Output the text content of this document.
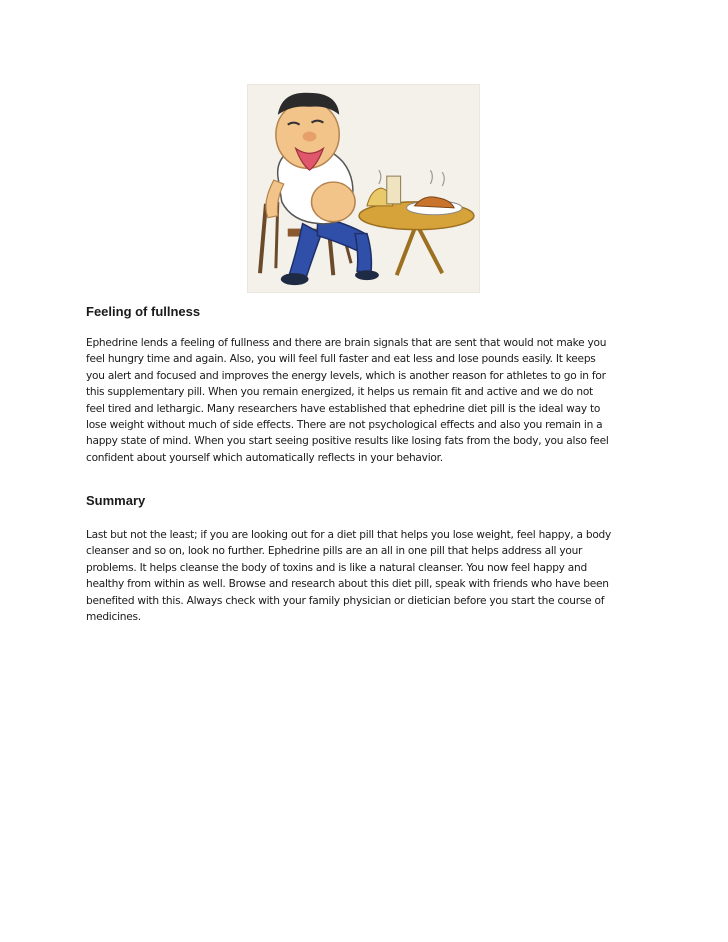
Feeling of fullness
Ephedrine lends a feeling of fullness and there are brain signals that are sent that would not make you
feel hungry time and again. Also, you will feel full faster and eat less and lose pounds easily. It keeps
you alert and focused and improves the energy levels, which is another reason for athletes to go in for
this supplementary pill. When you remain energized, it helps us remain fit and active and we do not
feel tired and lethargic. Many researchers have established that ephedrine diet pill is the ideal way to
lose weight without much of side effects. There are not psychological effects and also you remain in a
happy state of mind. When you start seeing positive results like losing fats from the body, you also feel
confident about yourself which automatically reflects in your behavior.
Summary
Last but not the least; if you are looking out for a diet pill that helps you lose weight, feel happy, a body
cleanser and so on, look no further. Ephedrine pills are an all in one pill that helps address all your
problems. It helps cleanse the body of toxins and is like a natural cleanser. You now feel happy and
healthy from within as well. Browse and research about this diet pill, speak with friends who have been
benefited with this. Always check with your family physician or dietician before you start the course of
medicines.
